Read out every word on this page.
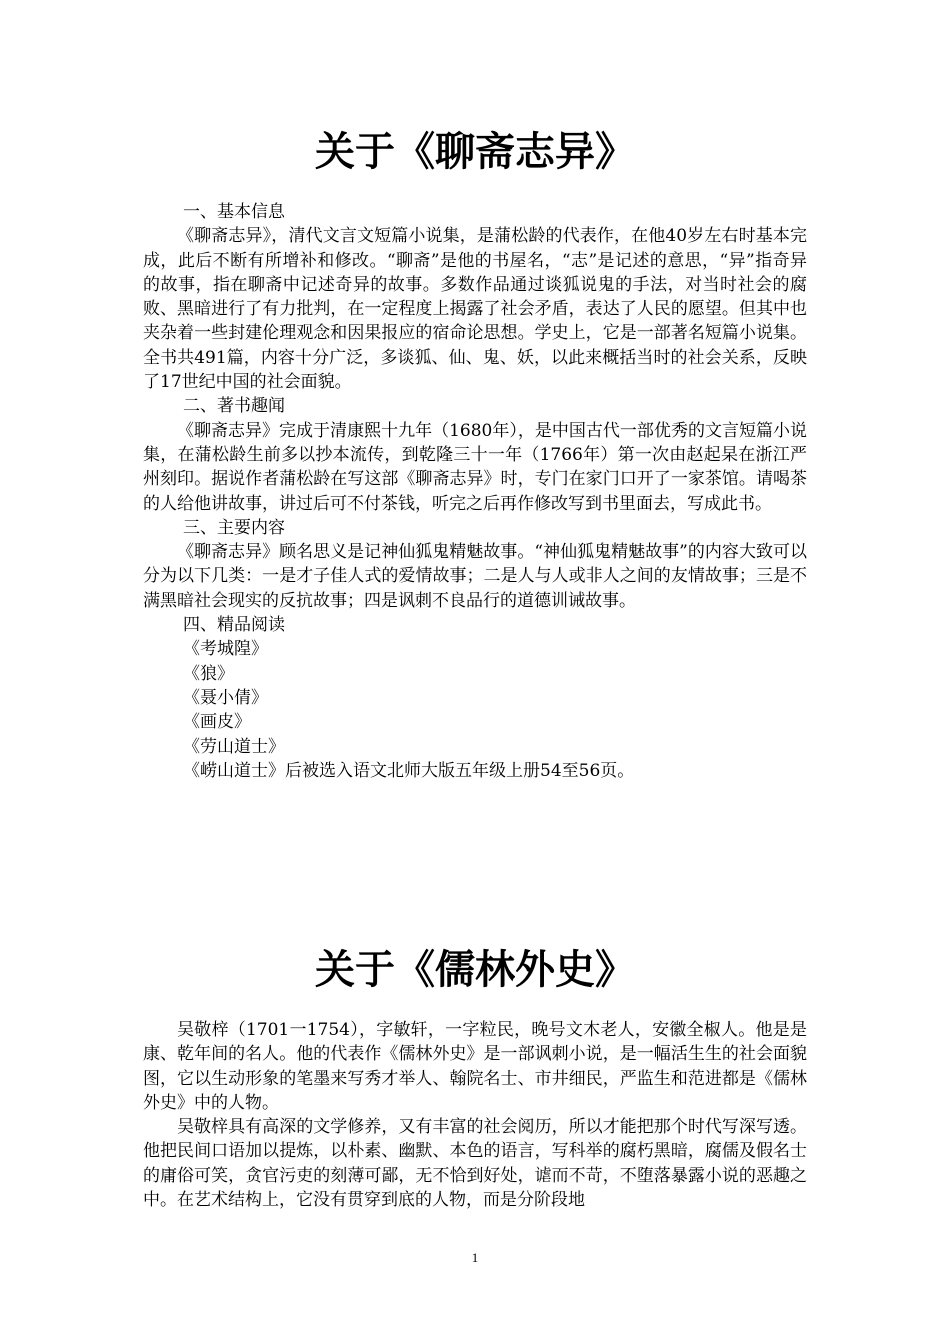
关于《聊斋志异》

一、基本信息

《聊斋志异》，清代文言文短篇小说集，是蒲松龄的代表作，在他40岁左右时基本完成，此后不断有所增补和修改。“聊斋”是他的书屋名，“志”是记述的意思，“异”指奇异的故事，指在聊斋中记述奇异的故事。多数作品通过谈狐说鬼的手法，对当时社会的腐败、黑暗进行了有力批判，在一定程度上揭露了社会矛盾，表达了人民的愿望。但其中也夹杂着一些封建伦理观念和因果报应的宿命论思想。学史上，它是一部著名短篇小说集。全书共491篇，内容十分广泛，多谈狐、仙、鬼、妖，以此来概括当时的社会关系，反映了17世纪中国的社会面貌。

二、著书趣闻

《聊斋志异》完成于清康熙十九年（1680年），是中国古代一部优秀的文言短篇小说集，在蒲松龄生前多以抄本流传，到乾隆三十一年（1766年）第一次由赵起杲在浙江严州刻印。据说作者蒲松龄在写这部《聊斋志异》时，专门在家门口开了一家茶馆。请喝茶的人给他讲故事，讲过后可不付茶钱，听完之后再作修改写到书里面去，写成此书。

三、主要内容

《聊斋志异》顾名思义是记神仙狐鬼精魅故事。“神仙狐鬼精魅故事”的内容大致可以分为以下几类：一是才子佳人式的爱情故事；二是人与人或非人之间的友情故事；三是不满黑暗社会现实的反抗故事；四是讽刺不良品行的道德训诫故事。

四、精品阅读

《考城隍》

《狼》

《聂小倩》

《画皮》

《劳山道士》

《崂山道士》后被选入语文北师大版五年级上册54至56页。

关于《儒林外史》

吴敬梓（1701一1754），字敏轩，一字粒民，晚号文木老人，安徽全椒人。他是是康、乾年间的名人。他的代表作《儒林外史》是一部讽刺小说，是一幅活生生的社会面貌图，它以生动形象的笔墨来写秀才举人、翰院名士、市井细民，严监生和范进都是《儒林外史》中的人物。

吴敬梓具有高深的文学修养，又有丰富的社会阅历，所以才能把那个时代写深写透。他把民间口语加以提炼，以朴素、幽默、本色的语言，写科举的腐朽黑暗，腐儒及假名士的庸俗可笑，贪官污吏的刻薄可鄙，无不恰到好处，谑而不苛，不堕落暴露小说的恶趣之中。在艺术结构上，它没有贯穿到底的人物，而是分阶段地

1
